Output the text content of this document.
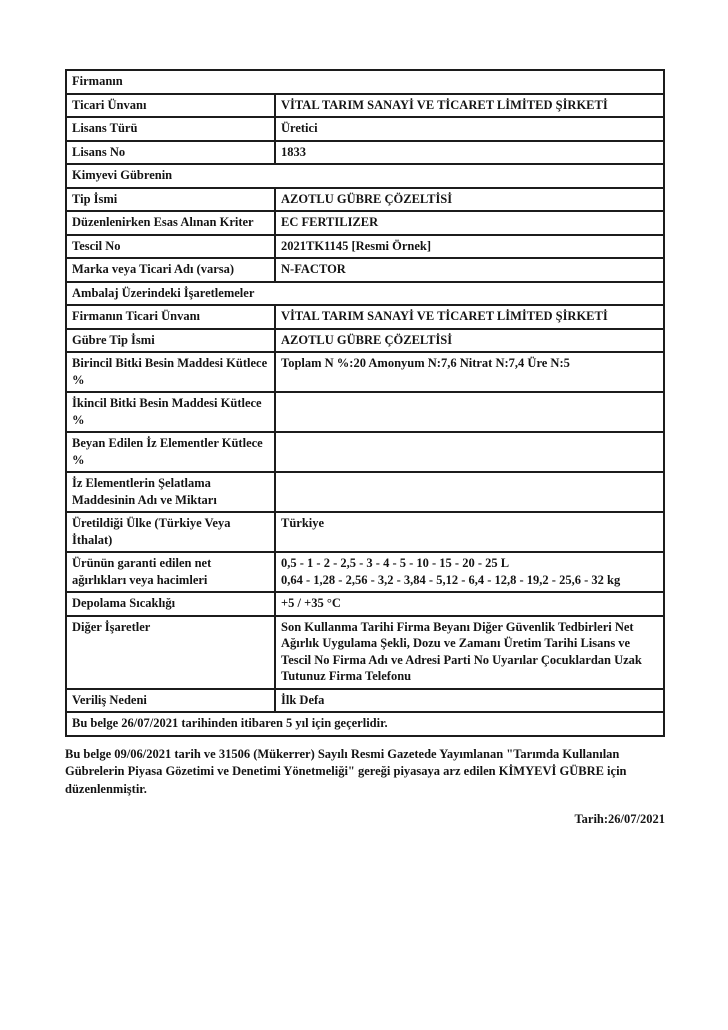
Firmanın	
Ticari Ünvanı	VİTAL TARIM SANAYİ VE TİCARET LİMİTED ŞİRKETİ
Lisans Türü	Üretici
Lisans No	1833
Kimyevi Gübrenin	
Tip İsmi	AZOTLU GÜBRE ÇÖZELTİSİ
Düzenlenirken Esas Alınan Kriter	EC FERTILIZER
Tescil No	2021TK1145 [Resmi Örnek]
Marka veya Ticari Adı (varsa)	N-FACTOR
Ambalaj Üzerindeki İşaretlemeler	
Firmanın Ticari Ünvanı	VİTAL TARIM SANAYİ VE TİCARET LİMİTED ŞİRKETİ
Gübre Tip İsmi	AZOTLU GÜBRE ÇÖZELTİSİ
Birincil Bitki Besin Maddesi Kütlece %	Toplam N %:20 Amonyum N:7,6 Nitrat N:7,4 Üre N:5
İkincil Bitki Besin Maddesi Kütlece %	
Beyan Edilen İz Elementler Kütlece %	
İz Elementlerin Şelatlama Maddesinin Adı ve Miktarı	
Üretildiği Ülke (Türkiye Veya İthalat)	Türkiye
Ürünün garanti edilen net ağırlıkları veya hacimleri	0,5 - 1 - 2 - 2,5 - 3 - 4 - 5 - 10 - 15 - 20 - 25 L
0,64 - 1,28 - 2,56 - 3,2 - 3,84 - 5,12 - 6,4 - 12,8 - 19,2 - 25,6 - 32 kg

Depolama Sıcaklığı	+5 / +35 °C
Diğer İşaretler	Son Kullanma Tarihi Firma Beyanı Diğer Güvenlik Tedbirleri Net Ağırlık Uygulama Şekli, Dozu ve Zamanı Üretim Tarihi Lisans ve Tescil No Firma Adı ve Adresi Parti No Uyarılar Çocuklardan Uzak Tutunuz Firma Telefonu
Veriliş Nedeni	İlk Defa
Bu belge 26/07/2021 tarihinden itibaren 5 yıl için geçerlidir.	

Bu belge 09/06/2021 tarih ve 31506 (Mükerrer) Sayılı Resmi Gazetede Yayımlanan "Tarımda Kullanılan Gübrelerin Piyasa Gözetimi ve Denetimi Yönetmeliği" gereği piyasaya arz edilen KİMYEVİ GÜBRE için düzenlenmiştir.

Tarih:26/07/2021
